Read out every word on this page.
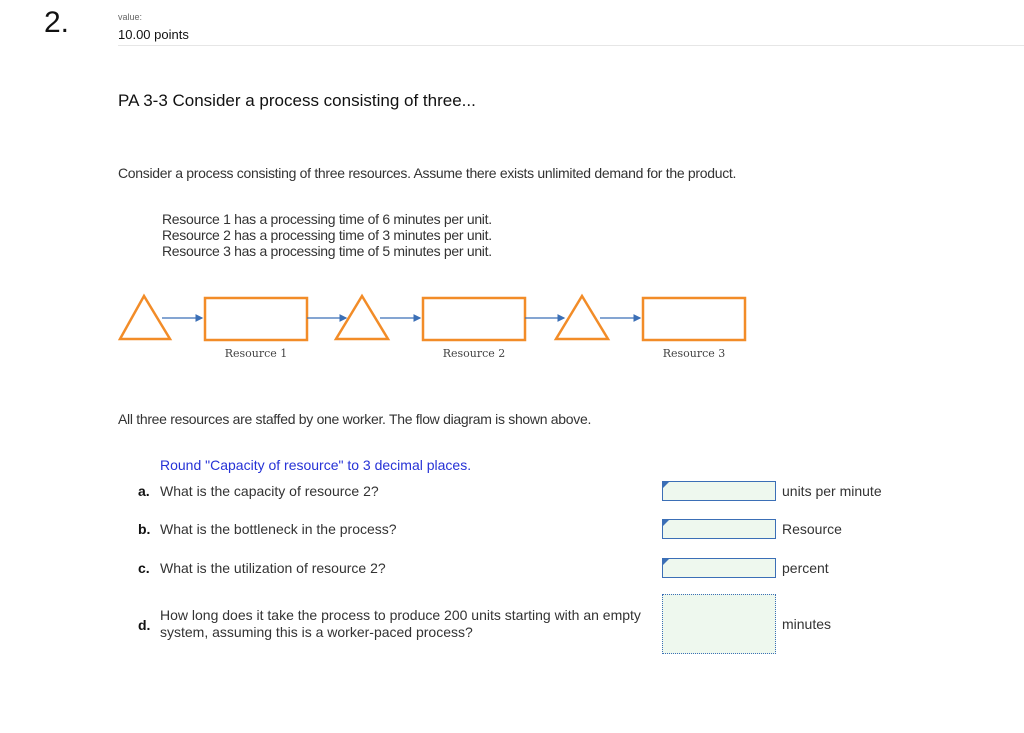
2.	value:
10.00 points
PA 3-3 Consider a process consisting of three...
Consider a process consisting of three resources. Assume there exists unlimited demand for the product.
Resource 1 has a processing time of 6 minutes per unit.
Resource 2 has a processing time of 3 minutes per unit.
Resource 3 has a processing time of 5 minutes per unit.
Resource 1	Resource 2	Resource 3
All three resources are staffed by one worker. The flow diagram is shown above.
Round "Capacity of resource" to 3 decimal places.
a. What is the capacity of resource 2?	units per minute
b. What is the bottleneck in the process?	Resource
c. What is the utilization of resource 2?	percent
d.
How long does it take the process to produce 200 units starting with an empty system, assuming this is a worker-paced process?	minutes
